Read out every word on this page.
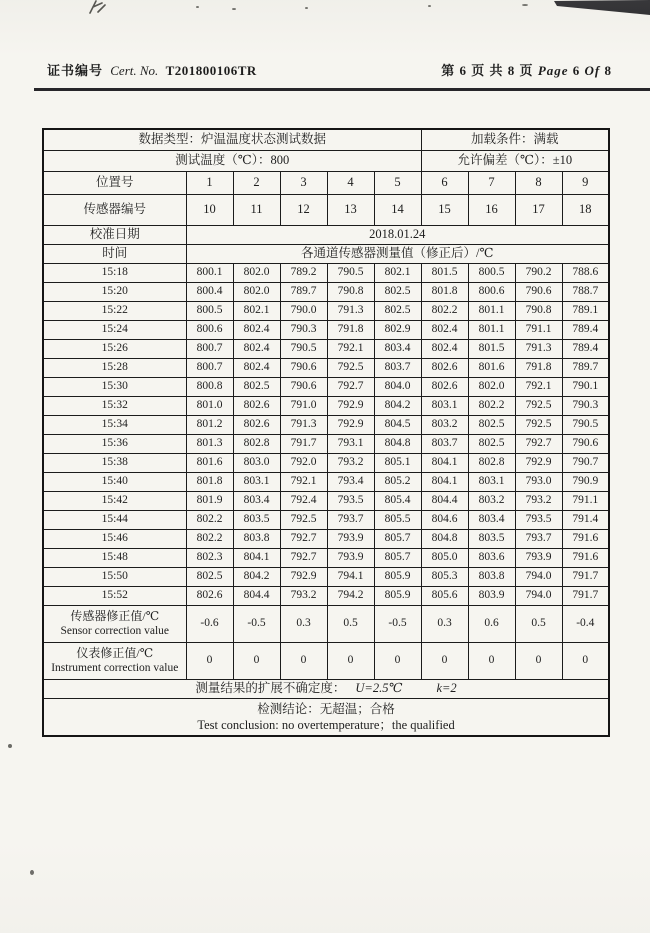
证书编号 Cert. No. T201800106TR	第 6 页 共 8 页 Page 6 Of 8
数据类型：炉温温度状态测试数据						加载条件：满载			
测试温度（℃）：800						允许偏差（℃）：±10			
位置号	1	2	3	4	5	6	7	8	9
传感器编号	10	11	12	13	14	15	16	17	18
校准日期	2018.01.24								
时间	各通道传感器测量值（修正后）/℃								
15:18	800.1	802.0	789.2	790.5	802.1	801.5	800.5	790.2	788.6
15:20	800.4	802.0	789.7	790.8	802.5	801.8	800.6	790.6	788.7
15:22	800.5	802.1	790.0	791.3	802.5	802.2	801.1	790.8	789.1
15:24	800.6	802.4	790.3	791.8	802.9	802.4	801.1	791.1	789.4
15:26	800.7	802.4	790.5	792.1	803.4	802.4	801.5	791.3	789.4
15:28	800.7	802.4	790.6	792.5	803.7	802.6	801.6	791.8	789.7
15:30	800.8	802.5	790.6	792.7	804.0	802.6	802.0	792.1	790.1
15:32	801.0	802.6	791.0	792.9	804.2	803.1	802.2	792.5	790.3
15:34	801.2	802.6	791.3	792.9	804.5	803.2	802.5	792.5	790.5
15:36	801.3	802.8	791.7	793.1	804.8	803.7	802.5	792.7	790.6
15:38	801.6	803.0	792.0	793.2	805.1	804.1	802.8	792.9	790.7
15:40	801.8	803.1	792.1	793.4	805.2	804.1	803.1	793.0	790.9
15:42	801.9	803.4	792.4	793.5	805.4	804.4	803.2	793.2	791.1
15:44	802.2	803.5	792.5	793.7	805.5	804.6	803.4	793.5	791.4
15:46	802.2	803.8	792.7	793.9	805.7	804.8	803.5	793.7	791.6
15:48	802.3	804.1	792.7	793.9	805.7	805.0	803.6	793.9	791.6
15:50	802.5	804.2	792.9	794.1	805.9	805.3	803.8	794.0	791.7
15:52	802.6	804.4	793.2	794.2	805.9	805.6	803.9	794.0	791.7

传感器修正值/℃
Sensor correction value	-0.6	-0.5	0.3	0.5	-0.5	0.3	0.6	0.5	-0.4

仪表修正值/℃
Instrument correction value	0	0	0	0	0	0	0	0	0
测量结果的扩展不确定度： U=2.5℃ k=2									

检测结论：无超温；合格
Test conclusion: no overtemperature；the qualified									
